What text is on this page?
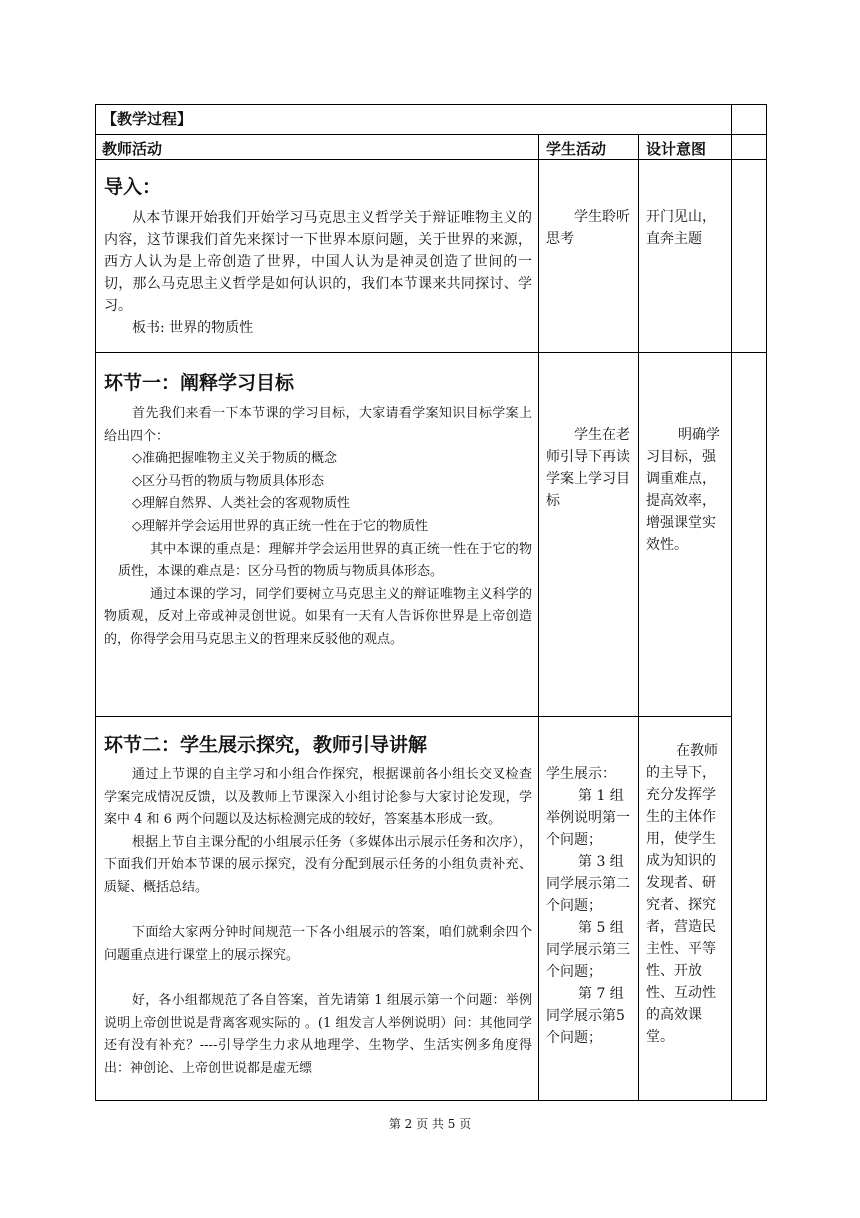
【教学过程】
教师活动	学生活动	设计意图
导入：

从本节课开始我们开始学习马克思主义哲学关于辩证唯物主义的内容，这节课我们首先来探讨一下世界本原问题，关于世界的来源，西方人认为是上帝创造了世界，中国人认为是神灵创造了世间的一切，那么马克思主义哲学是如何认识的，我们本节课来共同探讨、学习。

板书: 世界的物质性

学生聆听思考

开门见山，

直奔主题

环节一：阐释学习目标

首先我们来看一下本节课的学习目标，大家请看学案知识目标学案上给出四个：

◇准确把握唯物主义关于物质的概念

◇区分马哲的物质与物质具体形态

◇理解自然界、人类社会的客观物质性

◇理解并学会运用世界的真正统一性在于它的物质性

其中本课的重点是：理解并学会运用世界的真正统一性在于它的物质性，本课的难点是：区分马哲的物质与物质具体形态。

通过本课的学习，同学们要树立马克思主义的辩证唯物主义科学的物质观，反对上帝或神灵创世说。如果有一天有人告诉你世界是上帝创造的，你得学会用马克思主义的哲理来反驳他的观点。

学生在老师引导下再读学案上学习目标
明确学习目标，强调重难点，提高效率，增强课堂实效性。
环节二：学生展示探究，教师引导讲解

通过上节课的自主学习和小组合作探究，根据课前各小组长交叉检查学案完成情况反馈，以及教师上节课深入小组讨论参与大家讨论发现，学案中 4 和 6 两个问题以及达标检测完成的较好，答案基本形成一致。

根据上节自主课分配的小组展示任务（多媒体出示展示任务和次序），下面我们开始本节课的展示探究，没有分配到展示任务的小组负责补充、质疑、概括总结。

下面给大家两分钟时间规范一下各小组展示的答案，咱们就剩余四个问题重点进行课堂上的展示探究。

好，各小组都规范了各自答案，首先请第 1 组展示第一个问题：举例说明上帝创世说是背离客观实际的 。(1 组发言人举例说明）问：其他同学还有没有补充？----引导学生力求从地理学、生物学、生活实例多角度得出：神创论、上帝创世说都是虚无缥

学生展示：

第 1 组举例说明第一个问题；

第 3 组同学展示第二个问题；

第 5 组同学展示第三个问题；

第 7 组同学展示第5个问题；

在教师的主导下，充分发挥学生的主体作用，使学生成为知识的发现者、研究者、探究者，营造民主性、平等性、开放性、互动性的高效课堂。
第 2 页 共 5 页
